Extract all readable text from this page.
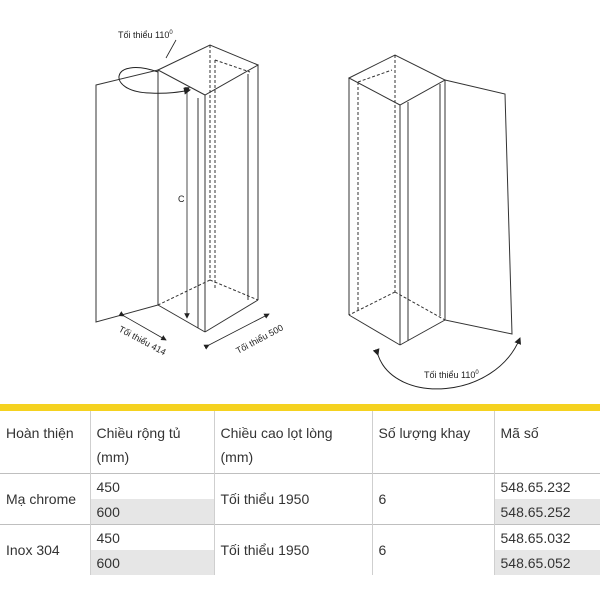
Tối thiểu $110^0$
C
Tối thiểu 414	Tối thiểu 500
Tối thiểu $110^0$

Hoàn thiện	Chiều rộng tủ (mm)	Chiều cao lọt lòng (mm)	Số lượng khay	Mã số
Mạ chrome	450	Tối thiểu 1950	6	548.65.232
	600			548.65.252
Inox 304	450	Tối thiểu 1950	6	548.65.032
	600			548.65.052
